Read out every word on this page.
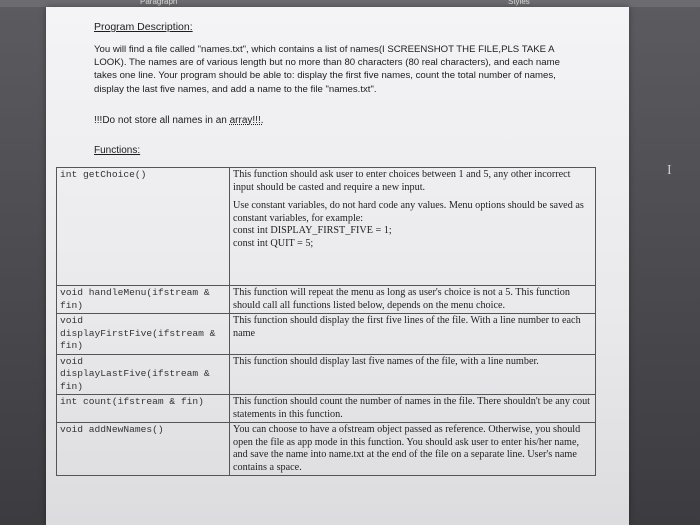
Paragraph	Styles
Program Description:
You will find a file called "names.txt", which contains a list of names(I SCREENSHOT THE FILE,PLS TAKE A LOOK). The names are of various length but no more than 80 characters (80 real characters), and each name takes one line. Your program should be able to: display the first five names, count the total number of names, display the last five names, and add a name to the file "names.txt".
!!!Do not store all names in an array!!!.
Functions:
int getChoice()	This function should ask user to enter choices between 1 and 5, any other incorrect input should be casted and require a new input.

Use constant variables, do not hard code any values. Menu options should be saved as constant variables, for example:

const int DISPLAY_FIRST_FIVE = 1;

const int QUIT = 5;

void handleMenu(ifstream & fin)	This function will repeat the menu as long as user's choice is not a 5. This function should call all functions listed below, depends on the menu choice.
void displayFirstFive(ifstream & fin)	This function should display the first five lines of the file. With a line number to each name
void displayLastFive(ifstream & fin)	This function should display last five names of the file, with a line number.
int count(ifstream & fin)	This function should count the number of names in the file. There shouldn't be any cout statements in this function.
void addNewNames()	You can choose to have a ofstream object passed as reference. Otherwise, you should open the file as app mode in this function. You should ask user to enter his/her name, and save the name into name.txt at the end of the file on a separate line. User's name contains a space.
I
